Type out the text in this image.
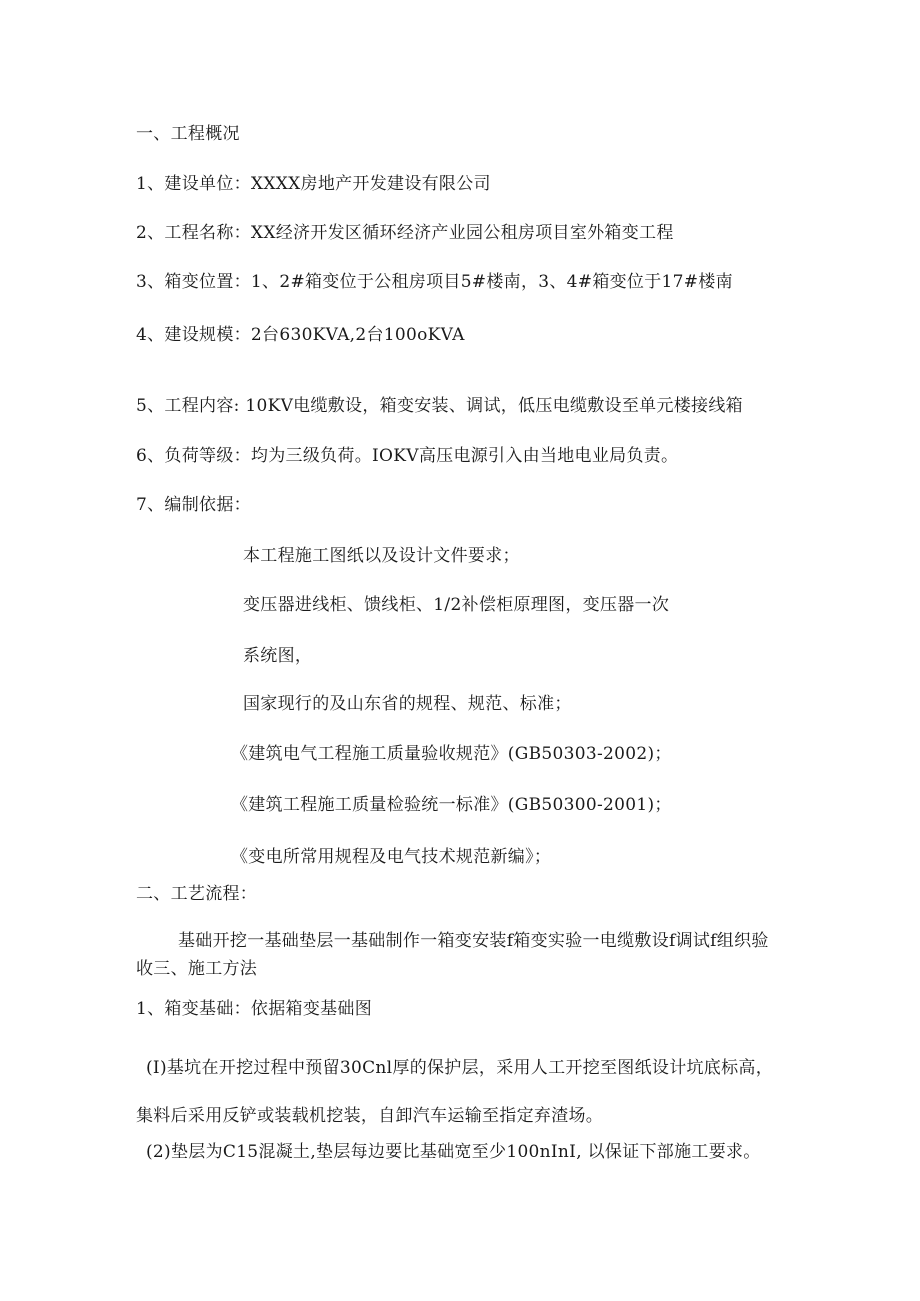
一、工程概况
1、建设单位：XXXX房地产开发建设有限公司
2、工程名称：XX经济开发区循环经济产业园公租房项目室外箱变工程
3、箱变位置：1、2#箱变位于公租房项目5#楼南，3、4#箱变位于17#楼南
4、建设规模：2台630KVA,2台100oKVA
5、工程内容: 10KV电缆敷设，箱变安装、调试，低压电缆敷设至单元楼接线箱
6、负荷等级：均为三级负荷。IOKV高压电源引入由当地电业局负责。
7、编制依据：
本工程施工图纸以及设计文件要求；
变压器进线柜、馈线柜、1/2补偿柜原理图，变压器一次
系统图，
国家现行的及山东省的规程、规范、标准；
《建筑电气工程施工质量验收规范》(GB50303-2002)；
《建筑工程施工质量检验统一标准》(GB50300-2001)；
《变电所常用规程及电气技术规范新编》；
二、工艺流程：
基础开挖一基础垫层一基础制作一箱变安装f箱变实验一电缆敷设f调试f组织验收三、施工方法
1、箱变基础：依据箱变基础图
(I)基坑在开挖过程中预留30Cnl厚的保护层，采用人工开挖至图纸设计坑底标高，集料后采用反铲或装载机挖装，自卸汽车运输至指定弃渣场。
(2)垫层为C15混凝土,垫层每边要比基础宽至少100nInI, 以保证下部施工要求。
